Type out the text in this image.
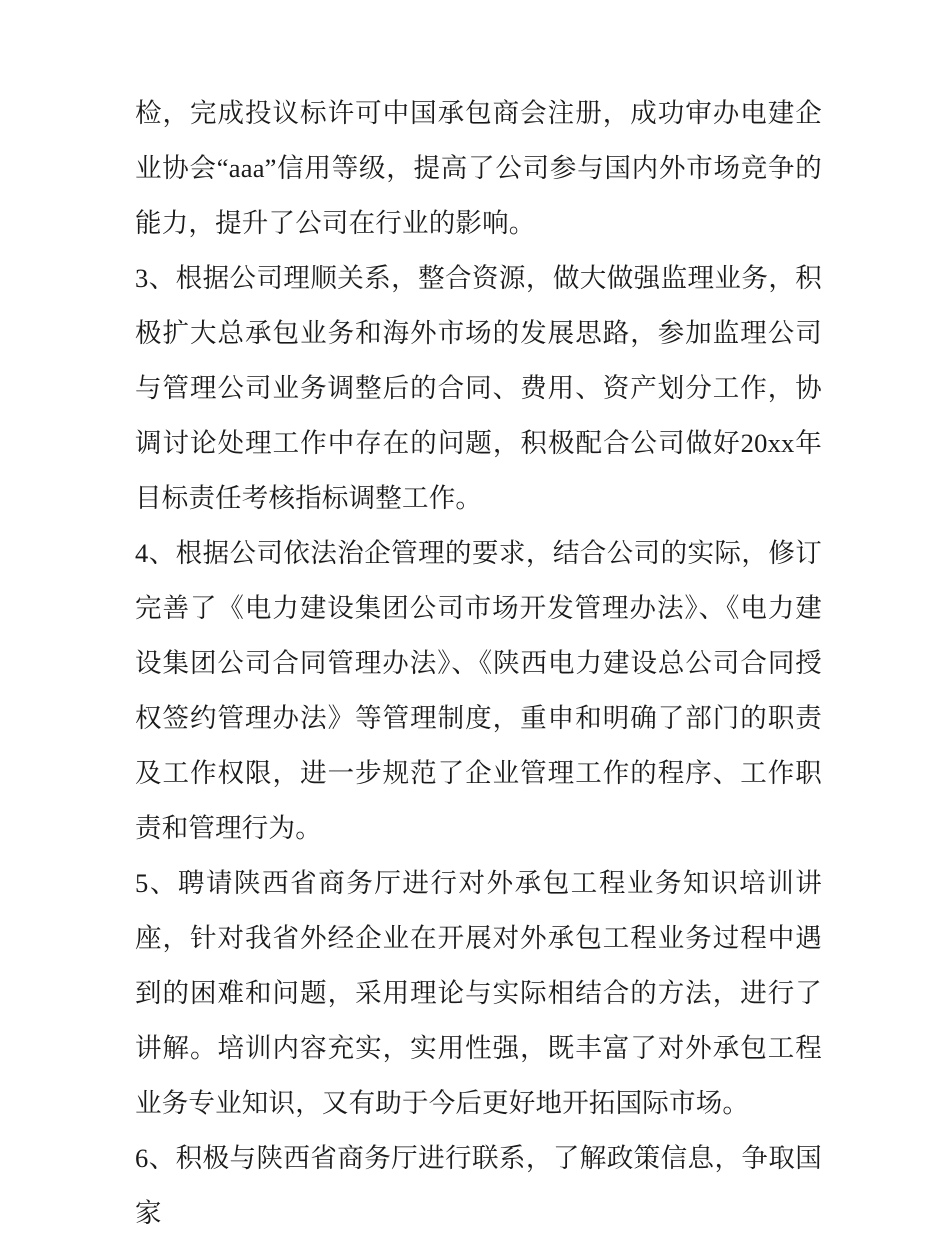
检，完成投议标许可中国承包商会注册，成功审办电建企业协会“aaa”信用等级，提高了公司参与国内外市场竞争的能力，提升了公司在行业的影响。

3、根据公司理顺关系，整合资源，做大做强监理业务，积极扩大总承包业务和海外市场的发展思路，参加监理公司与管理公司业务调整后的合同、费用、资产划分工作，协调讨论处理工作中存在的问题，积极配合公司做好20xx年目标责任考核指标调整工作。

4、根据公司依法治企管理的要求，结合公司的实际，修订完善了《电力建设集团公司市场开发管理办法》、《电力建设集团公司合同管理办法》、《陕西电力建设总公司合同授权签约管理办法》等管理制度，重申和明确了部门的职责及工作权限，进一步规范了企业管理工作的程序、工作职责和管理行为。

5、聘请陕西省商务厅进行对外承包工程业务知识培训讲座，针对我省外经企业在开展对外承包工程业务过程中遇到的困难和问题，采用理论与实际相结合的方法，进行了讲解。培训内容充实，实用性强，既丰富了对外承包工程业务专业知识，又有助于今后更好地开拓国际市场。

6、积极与陕西省商务厅进行联系，了解政策信息，争取国家
